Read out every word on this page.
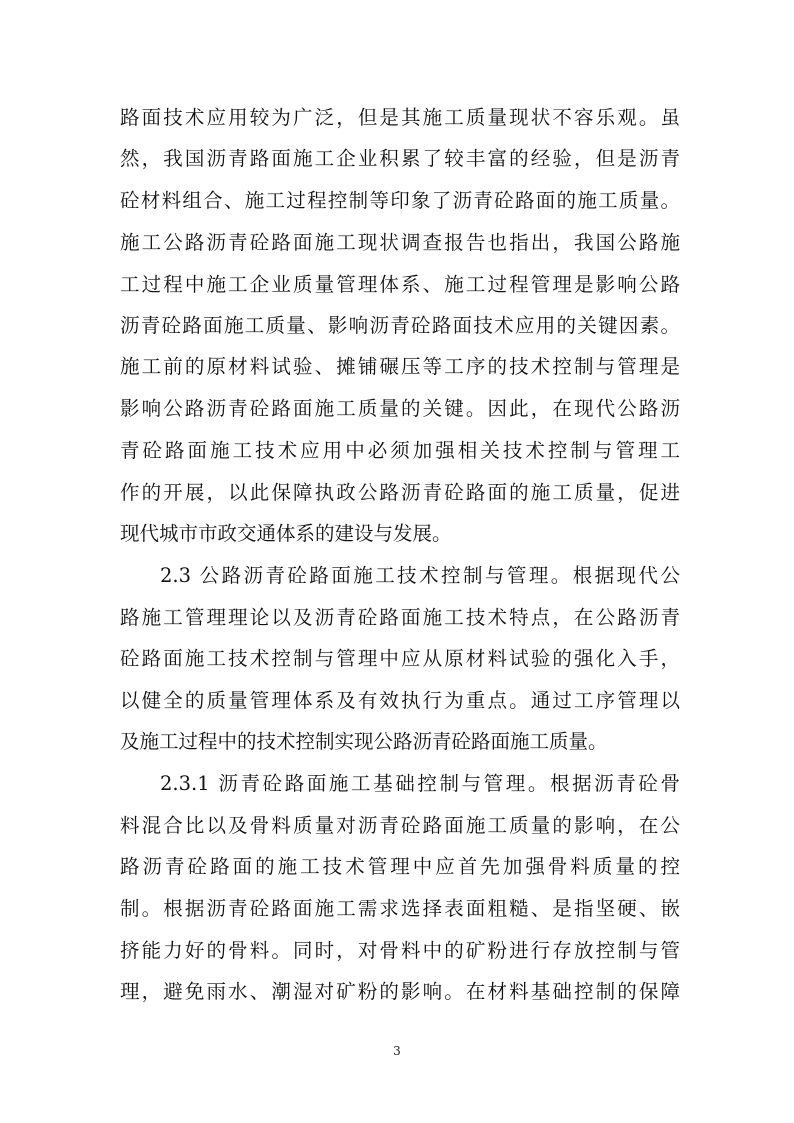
路面技术应用较为广泛，但是其施工质量现状不容乐观。虽
然，我国沥青路面施工企业积累了较丰富的经验，但是沥青
砼材料组合、施工过程控制等印象了沥青砼路面的施工质量。
施工公路沥青砼路面施工现状调查报告也指出，我国公路施
工过程中施工企业质量管理体系、施工过程管理是影响公路
沥青砼路面施工质量、影响沥青砼路面技术应用的关键因素。
施工前的原材料试验、摊铺碾压等工序的技术控制与管理是
影响公路沥青砼路面施工质量的关键。因此，在现代公路沥
青砼路面施工技术应用中必须加强相关技术控制与管理工
作的开展，以此保障执政公路沥青砼路面的施工质量，促进
现代城市市政交通体系的建设与发展。
2.3 公路沥青砼路面施工技术控制与管理。根据现代公
路施工管理理论以及沥青砼路面施工技术特点，在公路沥青
砼路面施工技术控制与管理中应从原材料试验的强化入手，
以健全的质量管理体系及有效执行为重点。通过工序管理以
及施工过程中的技术控制实现公路沥青砼路面施工质量。
2.3.1 沥青砼路面施工基础控制与管理。根据沥青砼骨
料混合比以及骨料质量对沥青砼路面施工质量的影响，在公
路沥青砼路面的施工技术管理中应首先加强骨料质量的控
制。根据沥青砼路面施工需求选择表面粗糙、是指坚硬、嵌
挤能力好的骨料。同时，对骨料中的矿粉进行存放控制与管
理，避免雨水、潮湿对矿粉的影响。在材料基础控制的保障
3
